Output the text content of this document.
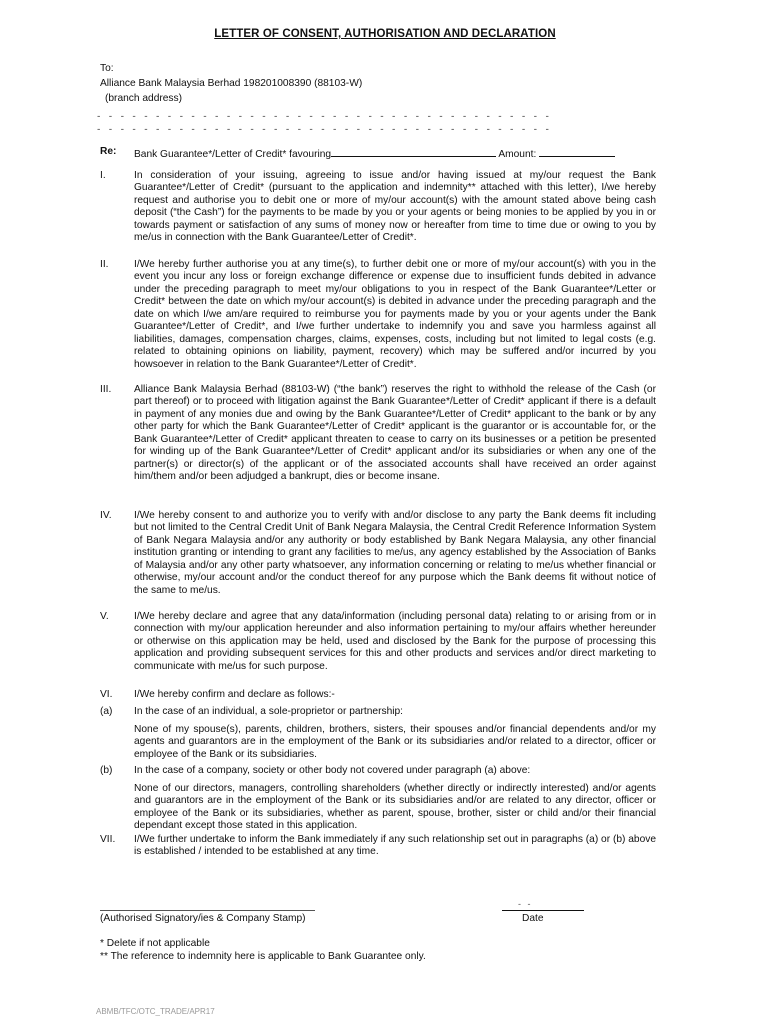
LETTER OF CONSENT, AUTHORISATION AND DECLARATION
To:
Alliance Bank Malaysia Berhad 198201008390 (88103-W)
(branch address)
- - - - - - - - - - - - - - - - - - - - - - - - - - - - - - - - - - - - - - -
- - - - - - - - - - - - - - - - - - - - - - - - - - - - - - - - - - - - - - -
Re:	Bank Guarantee*/Letter of Credit* favouring	Amount:
I.	In consideration of your issuing, agreeing to issue and/or having issued at my/our request the Bank Guarantee*/Letter of Credit* (pursuant to the application and indemnity** attached with this letter), I/we hereby request and authorise you to debit one or more of my/our account(s) with the amount stated above being cash deposit (“the Cash”) for the payments to be made by you or your agents or being monies to be applied by you in or towards payment or satisfaction of any sums of money now or hereafter from time to time due or owing to you by me/us in connection with the Bank Guarantee/Letter of Credit*.
II.	I/We hereby further authorise you at any time(s), to further debit one or more of my/our account(s) with you in the event you incur any loss or foreign exchange difference or expense due to insufficient funds debited in advance under the preceding paragraph to meet my/our obligations to you in respect of the Bank Guarantee*/Letter or Credit* between the date on which my/our account(s) is debited in advance under the preceding paragraph and the date on which I/we am/are required to reimburse you for payments made by you or your agents under the Bank Guarantee*/Letter of Credit*, and I/we further undertake to indemnify you and save you harmless against all liabilities, damages, compensation charges, claims, expenses, costs, including but not limited to legal costs (e.g. related to obtaining opinions on liability, payment, recovery) which may be suffered and/or incurred by you howsoever in relation to the Bank Guarantee*/Letter of Credit*.
III.	Alliance Bank Malaysia Berhad (88103-W) (“the bank”) reserves the right to withhold the release of the Cash (or part thereof) or to proceed with litigation against the Bank Guarantee*/Letter of Credit* applicant if there is a default in payment of any monies due and owing by the Bank Guarantee*/Letter of Credit* applicant to the bank or by any other party for which the Bank Guarantee*/Letter of Credit* applicant is the guarantor or is accountable for, or the Bank Guarantee*/Letter of Credit* applicant threaten to cease to carry on its businesses or a petition be presented for winding up of the Bank Guarantee*/Letter of Credit* applicant and/or its subsidiaries or when any one of the partner(s) or director(s) of the applicant or of the associated accounts shall have received an order against him/them and/or been adjudged a bankrupt, dies or become insane.
IV.	I/We hereby consent to and authorize you to verify with and/or disclose to any party the Bank deems fit including but not limited to the Central Credit Unit of Bank Negara Malaysia, the Central Credit Reference Information System of Bank Negara Malaysia and/or any authority or body established by Bank Negara Malaysia, any other financial institution granting or intending to grant any facilities to me/us, any agency established by the Association of Banks of Malaysia and/or any other party whatsoever, any information concerning or relating to me/us whether financial or otherwise, my/our account and/or the conduct thereof for any purpose which the Bank deems fit without notice of the same to me/us.
V.	I/We hereby declare and agree that any data/information (including personal data) relating to or arising from or in connection with my/our application hereunder and also information pertaining to my/our affairs whether hereunder or otherwise on this application may be held, used and disclosed by the Bank for the purpose of processing this application and providing subsequent services for this and other products and services and/or direct marketing to communicate with me/us for such purpose.
VI.	I/We hereby confirm and declare as follows:-
(a)	In the case of an individual, a sole-proprietor or partnership:
None of my spouse(s), parents, children, brothers, sisters, their spouses and/or financial dependents and/or my agents and guarantors are in the employment of the Bank or its subsidiaries and/or related to a director, officer or employee of the Bank or its subsidiaries.
(b)	In the case of a company, society or other body not covered under paragraph (a) above:
None of our directors, managers, controlling shareholders (whether directly or indirectly interested) and/or agents and guarantors are in the employment of the Bank or its subsidiaries and/or are related to any director, officer or employee of the Bank or its subsidiaries, whether as parent, spouse, brother, sister or child and/or their financial dependant except those stated in this application.
VII.	I/We further undertake to inform the Bank immediately if any such relationship set out in paragraphs (a) or (b) above is established / intended to be established at any time.
(Authorised Signatory/ies & Company Stamp)
- -
Date
* Delete if not applicable
** The reference to indemnity here is applicable to Bank Guarantee only.
ABMB/TFC/OTC_TRADE/APR17
